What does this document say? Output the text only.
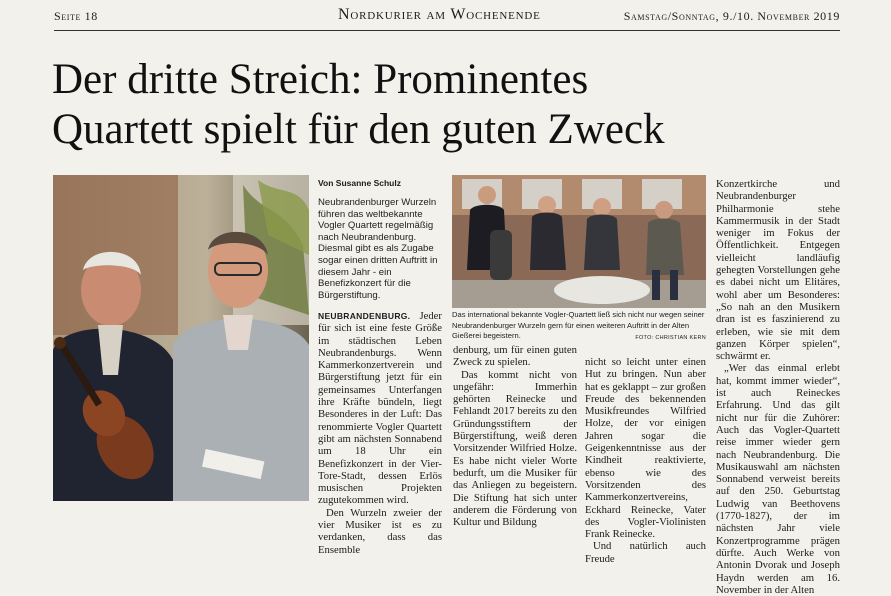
Seite 18	Nordkurier am Wochenende	Samstag/Sonntag, 9./10. November 2019
Der dritte Streich: Prominentes
Quartett spielt für den guten Zweck

Von Susanne Schulz

Neubrandenburger Wurzeln führen das weltbekannte Vogler Quartett regelmäßig nach Neubrandenburg. Diesmal gibt es als Zugabe sogar einen dritten Auftritt in diesem Jahr - ein Benefizkonzert für die Bürgerstiftung.

NEUBRANDENBURG. Jeder für sich ist eine feste Größe im städtischen Leben Neubrandenburgs. Wenn Kammerkonzertverein und Bürgerstiftung jetzt für ein gemeinsames Unterfangen ihre Kräfte bündeln, liegt Besonderes in der Luft: Das renommierte Vogler Quartett gibt am nächsten Sonnabend um 18 Uhr ein Benefizkonzert in der Vier-Tore-Stadt, dessen Erlös musischen Projekten zugutekommen wird.

Den Wurzeln zweier der vier Musiker ist es zu verdanken, dass das Ensemble

Das international bekannte Vogler-Quartett ließ sich nicht nur wegen seiner Neubrandenburger Wurzeln gern für einen weiteren Auftritt in der Alten Gießerei begeistern.	FOTO: CHRISTIAN KERN

denburg, um für einen guten Zweck zu spielen.

Das kommt nicht von ungefähr: Immerhin gehörten Reinecke und Fehlandt 2017 bereits zu den Gründungsstiftern der Bürgerstiftung, weiß deren Vorsitzender Wilfried Holze. Es habe nicht vieler Worte bedurft, um die Musiker für das Anliegen zu begeistern. Die Stiftung hat sich unter anderem die Förderung von Kultur und Bildung

nicht so leicht unter einen Hut zu bringen. Nun aber hat es geklappt – zur großen Freude des bekennenden Musikfreundes Wilfried Holze, der vor einigen Jahren sogar die Geigenkenntnisse aus der Kindheit reaktivierte, ebenso wie des Vorsitzenden des Kammerkonzertvereins, Eckhard Reinecke, Vater des Vogler-Violinisten Frank Reinecke.

Und natürlich auch Freude

Konzertkirche und Neubrandenburger Philharmonie stehe Kammermusik in der Stadt weniger im Fokus der Öffentlichkeit. Entgegen vielleicht landläufig gehegten Vorstellungen gehe es dabei nicht um Elitäres, wohl aber um Besonderes: „So nah an den Musikern dran ist es faszinierend zu erleben, wie sie mit dem ganzen Körper spielen“, schwärmt er.

„Wer das einmal erlebt hat, kommt immer wieder“, ist auch Reineckes Erfahrung. Und das gilt nicht nur für die Zuhörer: Auch das Vogler-Quartett reise immer wieder gern nach Neubrandenburg. Die Musikauswahl am nächsten Sonnabend verweist bereits auf den 250. Geburtstag Ludwig van Beethovens (1770-1827), der im nächsten Jahr viele Konzertprogramme prägen dürfte. Auch Werke von Antonin Dvorak und Joseph Haydn werden am 16. November in der Alten
